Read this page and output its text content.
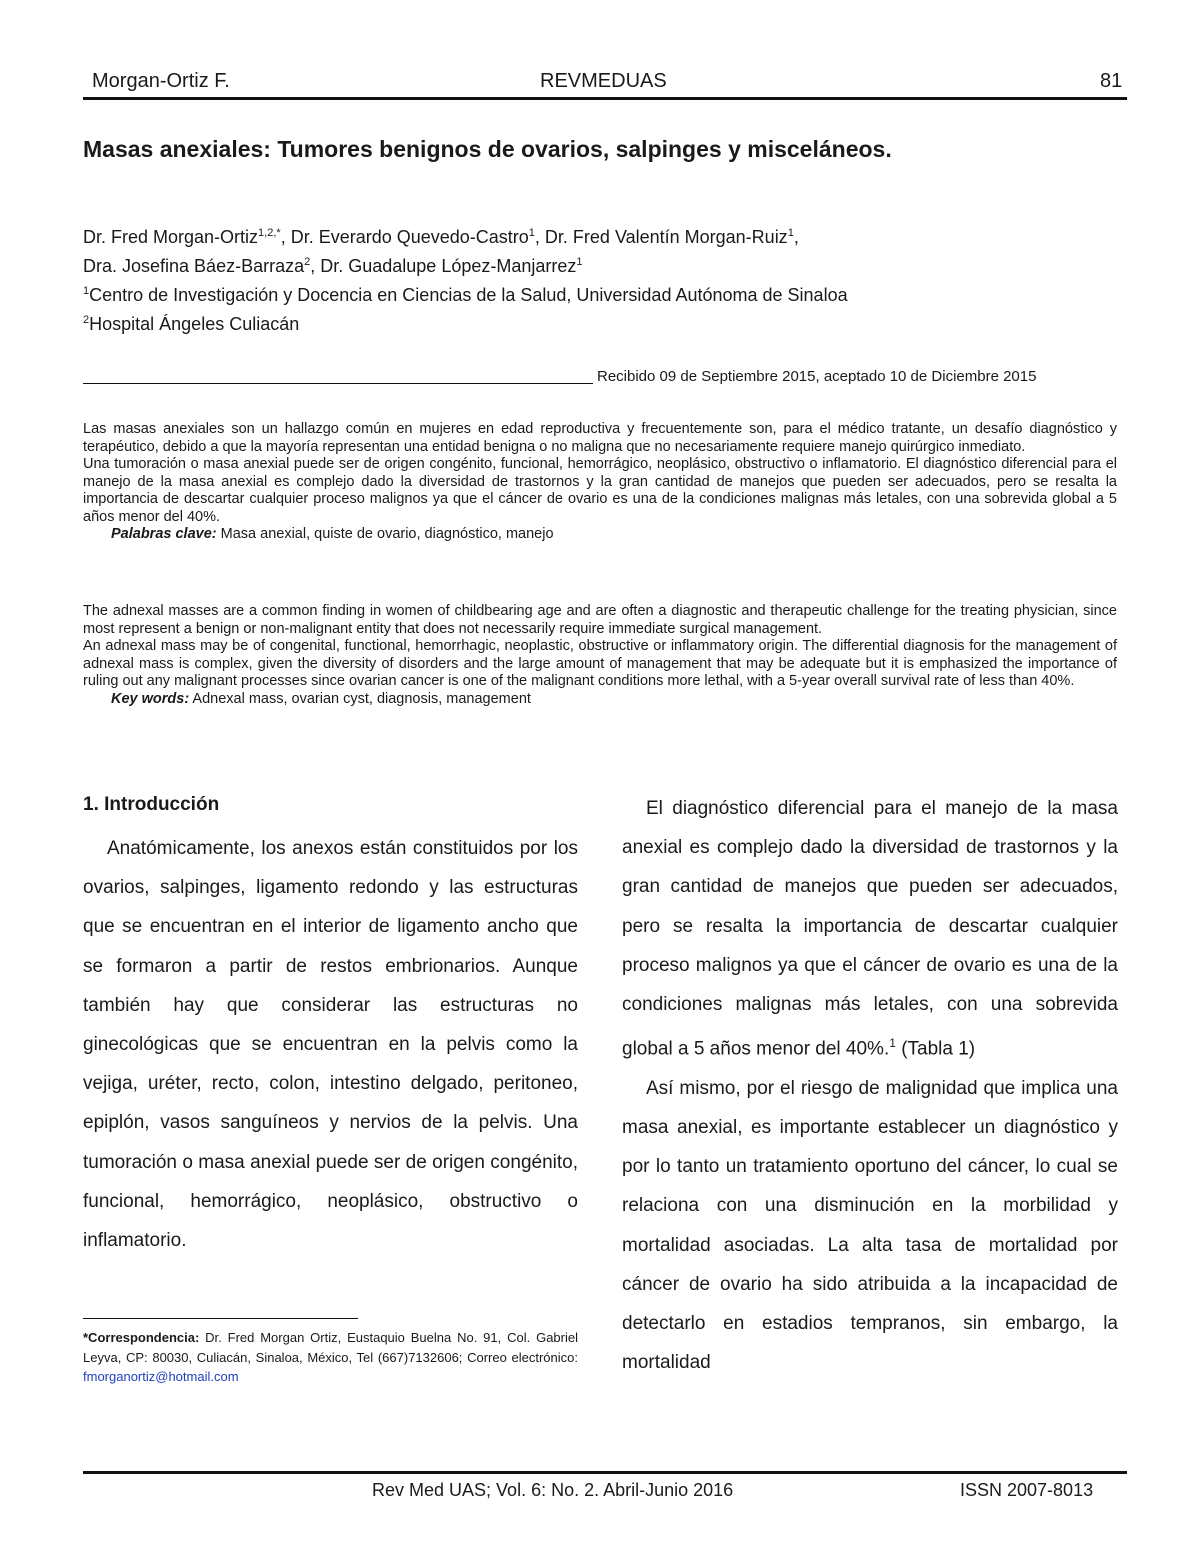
Morgan-Ortiz F.	REVMEDUAS	81
Masas anexiales: Tumores benignos de ovarios, salpinges y misceláneos.
Dr. Fred Morgan-Ortiz$^{1,2,*}$, Dr. Everardo Quevedo-Castro$^1$, Dr. Fred Valentín Morgan-Ruiz$^1$,
Dra. Josefina Báez-Barraza$^2$, Dr. Guadalupe López-Manjarrez$^1$
$^1$Centro de Investigación y Docencia en Ciencias de la Salud, Universidad Autónoma de Sinaloa
$^2$Hospital Ángeles Culiacán
Recibido 09 de Septiembre 2015, aceptado 10 de Diciembre 2015

Las masas anexiales son un hallazgo común en mujeres en edad reproductiva y frecuentemente son, para el médico tratante, un desafío diagnóstico y terapéutico, debido a que la mayoría representan una entidad benigna o no maligna que no necesariamente requiere manejo quirúrgico inmediato.

Una tumoración o masa anexial puede ser de origen congénito, funcional, hemorrágico, neoplásico, obstructivo o inflamatorio. El diagnóstico diferencial para el manejo de la masa anexial es complejo dado la diversidad de trastornos y la gran cantidad de manejos que pueden ser adecuados, pero se resalta la importancia de descartar cualquier proceso malignos ya que el cáncer de ovario es una de la condiciones malignas más letales, con una sobrevida global a 5 años menor del 40%.

Palabras clave: Masa anexial, quiste de ovario, diagnóstico, manejo

The adnexal masses are a common finding in women of childbearing age and are often a diagnostic and therapeutic challenge for the treating physician, since most represent a benign or non-malignant entity that does not necessarily require immediate surgical management.

An adnexal mass may be of congenital, functional, hemorrhagic, neoplastic, obstructive or inflammatory origin. The differential diagnosis for the management of adnexal mass is complex, given the diversity of disorders and the large amount of management that may be adequate but it is emphasized the importance of ruling out any malignant processes since ovarian cancer is one of the malignant conditions more lethal, with a 5-year overall survival rate of less than 40%.

Key words: Adnexal mass, ovarian cyst, diagnosis, management

1. Introducción

Anatómicamente, los anexos están constituidos por los ovarios, salpinges, ligamento redondo y las estructuras que se encuentran en el interior de ligamento ancho que se formaron a partir de restos embrionarios. Aunque también hay que considerar las estructuras no ginecológicas que se encuentran en la pelvis como la vejiga, uréter, recto, colon, intestino delgado, peritoneo, epiplón, vasos sanguíneos y nervios de la pelvis. Una tumoración o masa anexial puede ser de origen congénito, funcional, hemorrágico, neoplásico, obstructivo o inflamatorio.

El diagnóstico diferencial para el manejo de la masa anexial es complejo dado la diversidad de trastornos y la gran cantidad de manejos que pueden ser adecuados, pero se resalta la importancia de descartar cualquier proceso malignos ya que el cáncer de ovario es una de la condiciones malignas más letales, con una sobrevida global a 5 años menor del 40%.$^1$ (Tabla 1)

Así mismo, por el riesgo de malignidad que implica una masa anexial, es importante establecer un diagnóstico y por lo tanto un tratamiento oportuno del cáncer, lo cual se relaciona con una disminución en la morbilidad y mortalidad asociadas. La alta tasa de mortalidad por cáncer de ovario ha sido atribuida a la incapacidad de detectarlo en estadios tempranos, sin embargo, la mortalidad

*Correspondencia: Dr. Fred Morgan Ortiz, Eustaquio Buelna No. 91, Col. Gabriel Leyva, CP: 80030, Culiacán, Sinaloa, México, Tel (667)7132606; Correo electrónico: fmorganortiz@hotmail.com
Rev Med UAS; Vol. 6: No. 2. Abril-Junio 2016	ISSN 2007-8013
